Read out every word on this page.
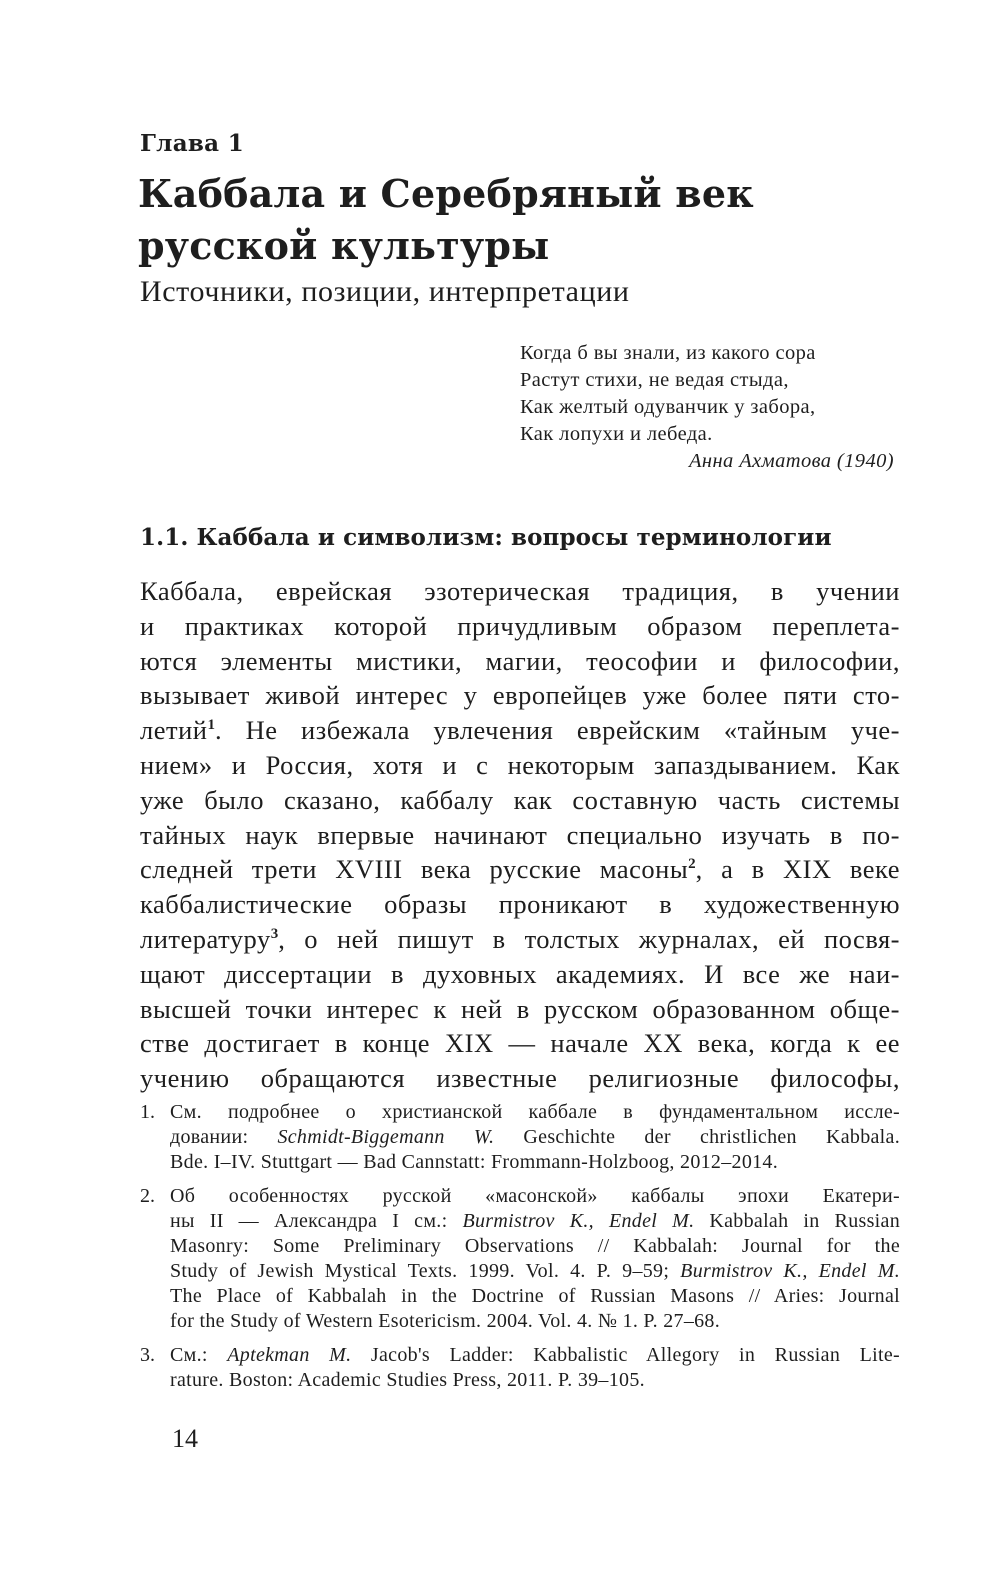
Глава 1
Каббала и Серебряный век
русской культуры
Источники, позиции, интерпретации
Когда б вы знали, из какого сора
Растут стихи, не ведая стыда,
Как желтый одуванчик у забора,
Как лопухи и лебеда.
Анна Ахматова (1940)
1.1. Каббала и символизм: вопросы терминологии
Каббала, еврейская эзотерическая традиция, в учении
и практиках которой причудливым образом переплета-
ются элементы мистики, магии, теософии и философии,
вызывает живой интерес у европейцев уже более пяти сто-
летий$^1$. Не избежала увлечения еврейским «тайным уче-
нием» и Россия, хотя и с некоторым запаздыванием. Как
уже было сказано, каббалу как составную часть системы
тайных наук впервые начинают специально изучать в по-
следней трети XVIII века русские масоны$^2$, а в XIX веке
каббалистические образы проникают в художественную
литературу$^3$, о ней пишут в толстых журналах, ей посвя-
щают диссертации в духовных академиях. И все же наи-
высшей точки интерес к ней в русском образованном обще-
стве достигает в конце XIX — начале XX века, когда к ее
учению обращаются известные религиозные философы,
1. См. подробнее о христианской каббале в фундаментальном иссле-
довании: Schmidt-Biggemann W. Geschichte der christlichen Kabbala.
Bde. I–IV. Stuttgart — Bad Cannstatt: Frommann-Holzboog, 2012–2014.
2. Об особенностях русской «масонской» каббалы эпохи Екатери-
ны II — Александра I см.: Burmistrov K., Endel M. Kabbalah in Russian
Masonry: Some Preliminary Observations // Kabbalah: Journal for the
Study of Jewish Mystical Texts. 1999. Vol. 4. P. 9–59; Burmistrov K., Endel M.
The Place of Kabbalah in the Doctrine of Russian Masons // Aries: Journal
for the Study of Western Esotericism. 2004. Vol. 4. № 1. P. 27–68.
3. См.: Aptekman M. Jacob's Ladder: Kabbalistic Allegory in Russian Lite-
rature. Boston: Academic Studies Press, 2011. P. 39–105.
14
